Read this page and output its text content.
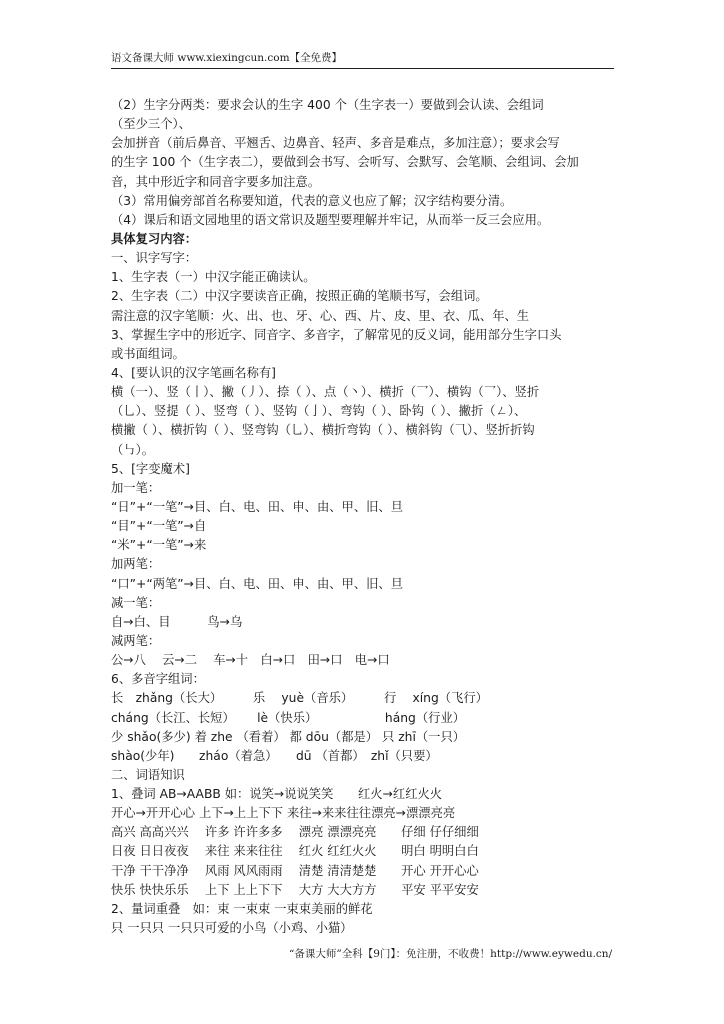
语文备课大师 www.xiexingcun.com【全免费】
（2）生字分两类：要求会认的生字 400 个（生字表一）要做到会认读、会组词
（至少三个）、
会加拼音（前后鼻音、平翘舌、边鼻音、轻声、多音是难点，多加注意）；要求会写
的生字 100 个（生字表二），要做到会书写、会听写、会默写、会笔顺、会组词、会加
音，其中形近字和同音字要多加注意。
（3）常用偏旁部首名称要知道，代表的意义也应了解；汉字结构要分清。
（4）课后和语文园地里的语文常识及题型要理解并牢记，从而举一反三会应用。
具体复习内容：
一、识字写字：
1、生字表（一）中汉字能正确读认。
2、生字表（二）中汉字要读音正确，按照正确的笔顺书写，会组词。
需注意的汉字笔顺：火、出、也、牙、心、西、片、皮、里、衣、瓜、年、生
3、掌握生字中的形近字、同音字、多音字，了解常见的反义词，能用部分生字口头
或书面组词。
4、[要认识的汉字笔画名称有]
横（一）、竖（丨）、撇（丿）、捺（ ）、点（丶）、横折（乛）、横钩（乛）、竖折
（乚）、竖提（ ）、竖弯（ ）、竖钩（亅）、弯钩（ ）、卧钩（ ）、撇折（ㄥ）、
横撇（ ）、横折钩（ ）、竖弯钩（乚）、横折弯钩（ ）、横斜钩（⺄）、竖折折钩
（㇉）。
5、[字变魔术]
加一笔：
“日”+“一笔”→目、白、电、田、申、由、甲、旧、旦
“目”+“一笔”→自
“米”+“一笔”→来
加两笔：
“口”+“两笔”→目、白、电、田、申、由、甲、旧、旦
减一笔：
自→白、目　　　鸟→乌
减两笔：
公→八　 云→二　 车→十　白→口　田→口　电→口
6、多音字组词：
长　zhǎng（长大）　　　乐　 yuè（音乐）　　　行　 xíng（飞行）
cháng（长江、长短）　　 lè（快乐）　　　　　　háng（行业）
少 shǎo(多少) 着 zhe （看着） 都 dōu（都是） 只 zhī（一只）
shào(少年)　　zháo（着急）　　dū （首都）　zhǐ（只要）
二、词语知识
1、叠词 AB→AABB 如：说笑→说说笑笑　　红火→红红火火
开心→开开心心 上下→上上下下 来往→来来往往漂亮→漂漂亮亮
高兴 高高兴兴　 许多 许许多多　 漂亮 漂漂亮亮　　仔细 仔仔细细
日夜 日日夜夜　 来往 来来往往　 红火 红红火火　　明白 明明白白
干净 干干净净　 风雨 风风雨雨　 清楚 清清楚楚　　开心 开开心心
快乐 快快乐乐　 上下 上上下下　 大方 大大方方　　平安 平平安安
2、量词重叠　如：束 一束束 一束束美丽的鲜花
只 一只只 一只只可爱的小鸟（小鸡、小猫）
“备课大师”全科【9门】：免注册，不收费！http://www.eywedu.cn/
